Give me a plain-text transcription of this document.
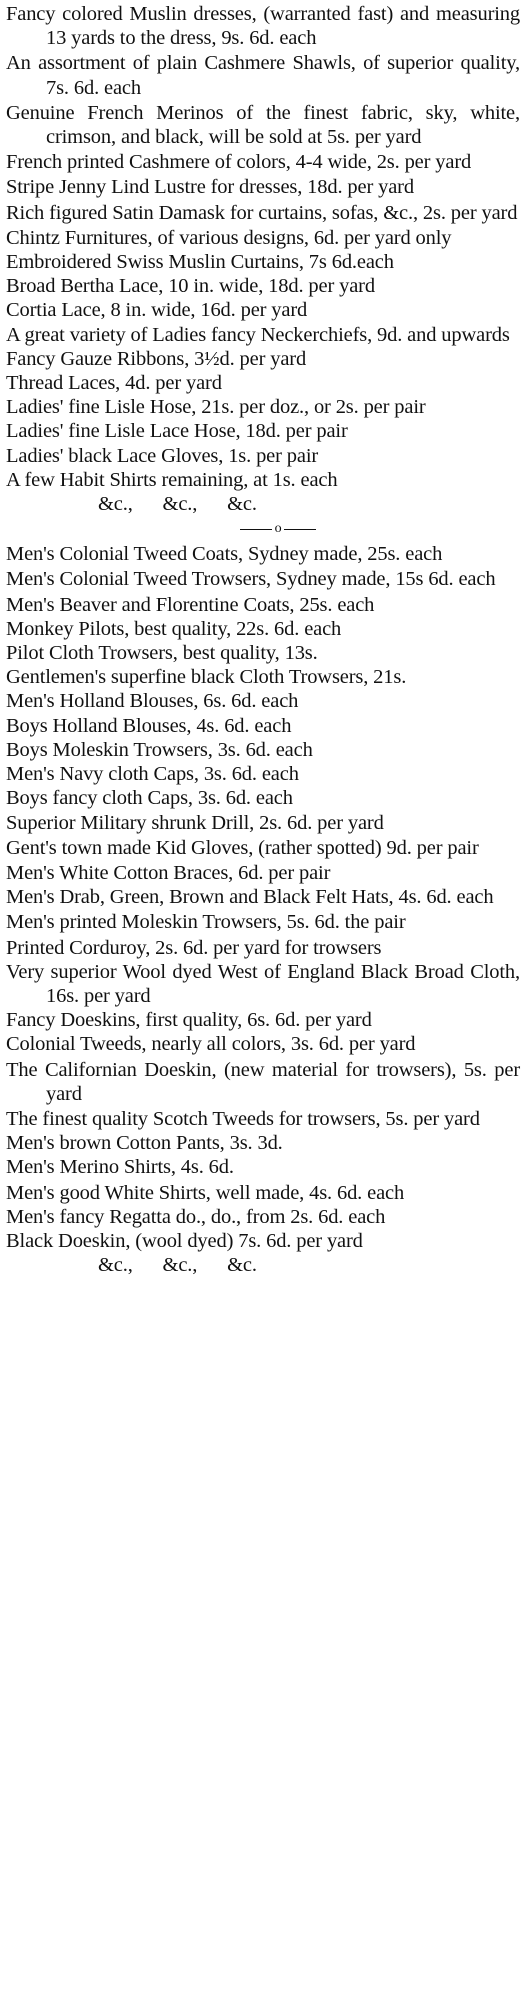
Fancy colored Muslin dresses, (warranted fast) and measuring 13 yards to the dress, 9s. 6d. each
An assortment of plain Cashmere Shawls, of superior quality, 7s. 6d. each
Genuine French Merinos of the finest fabric, sky, white, crimson, and black, will be sold at 5s. per yard
French printed Cashmere of colors, 4-4 wide, 2s. per yard
Stripe Jenny Lind Lustre for dresses, 18d. per yard
Rich figured Satin Damask for curtains, sofas, &c., 2s. per yard
Chintz Furnitures, of various designs, 6d. per yard only
Embroidered Swiss Muslin Curtains, 7s 6d.each
Broad Bertha Lace, 10 in. wide, 18d. per yard
Cortia Lace, 8 in. wide, 16d. per yard
A great variety of Ladies fancy Neckerchiefs, 9d. and upwards
Fancy Gauze Ribbons, 3½d. per yard
Thread Laces, 4d. per yard
Ladies' fine Lisle Hose, 21s. per doz., or 2s. per pair
Ladies' fine Lisle Lace Hose, 18d. per pair
Ladies' black Lace Gloves, 1s. per pair
A few Habit Shirts remaining, at 1s. each
&c.,      &c.,      &c.
o
Men's Colonial Tweed Coats, Sydney made, 25s. each
Men's Colonial Tweed Trowsers, Sydney made, 15s 6d. each
Men's Beaver and Florentine Coats, 25s. each
Monkey Pilots, best quality, 22s. 6d. each
Pilot Cloth Trowsers, best quality, 13s.
Gentlemen's superfine black Cloth Trowsers, 21s.
Men's Holland Blouses, 6s. 6d. each
Boys Holland Blouses, 4s. 6d. each
Boys Moleskin Trowsers, 3s. 6d. each
Men's Navy cloth Caps, 3s. 6d. each
Boys fancy cloth Caps, 3s. 6d. each
Superior Military shrunk Drill, 2s. 6d. per yard
Gent's town made Kid Gloves, (rather spotted) 9d. per pair
Men's White Cotton Braces, 6d. per pair
Men's Drab, Green, Brown and Black Felt Hats, 4s. 6d. each
Men's printed Moleskin Trowsers, 5s. 6d. the pair
Printed Corduroy, 2s. 6d. per yard for trowsers
Very superior Wool dyed West of England Black Broad Cloth, 16s. per yard
Fancy Doeskins, first quality, 6s. 6d. per yard
Colonial Tweeds, nearly all colors, 3s. 6d. per yard
The Californian Doeskin, (new material for trowsers), 5s. per yard
The finest quality Scotch Tweeds for trowsers, 5s. per yard
Men's brown Cotton Pants, 3s. 3d.
Men's Merino Shirts, 4s. 6d.
Men's good White Shirts, well made, 4s. 6d. each
Men's fancy Regatta do., do., from 2s. 6d. each
Black Doeskin, (wool dyed) 7s. 6d. per yard
&c.,      &c.,      &c.
